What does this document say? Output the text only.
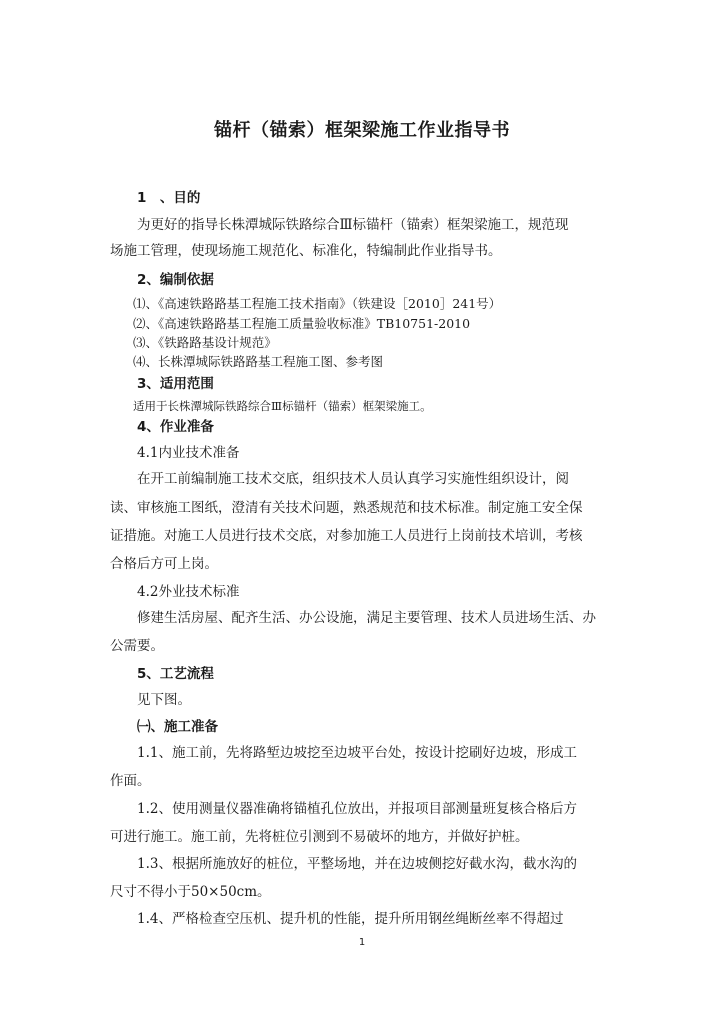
锚杆（锚索）框架梁施工作业指导书
1　、目的
为更好的指导长株潭城际铁路综合Ⅲ标锚杆（锚索）框架梁施工，规范现
场施工管理，使现场施工规范化、标准化，特编制此作业指导书。
2、编制依据
⑴、《高速铁路路基工程施工技术指南》（铁建设［2010］241号）
⑵、《高速铁路路基工程施工质量验收标准》TB10751-2010
⑶、《铁路路基设计规范》
⑷、长株潭城际铁路路基工程施工图、参考图
3、适用范围
适用于长株潭城际铁路综合Ⅲ标锚杆（锚索）框架梁施工。
4、作业准备
4.1内业技术准备
在开工前编制施工技术交底，组织技术人员认真学习实施性组织设计，阅
读、审核施工图纸，澄清有关技术问题，熟悉规范和技术标准。制定施工安全保
证措施。对施工人员进行技术交底，对参加施工人员进行上岗前技术培训，考核
合格后方可上岗。
4.2外业技术标准
修建生活房屋、配齐生活、办公设施，满足主要管理、技术人员进场生活、办
公需要。
5、工艺流程
见下图。
㈠、施工准备
1.1、施工前，先将路堑边坡挖至边坡平台处，按设计挖刷好边坡，形成工
作面。
1.2、使用测量仪器准确将锚植孔位放出，并报项目部测量班复核合格后方
可进行施工。施工前，先将桩位引测到不易破坏的地方，并做好护桩。
1.3、根据所施放好的桩位，平整场地，并在边坡侧挖好截水沟，截水沟的
尺寸不得小于50×50cm。
1.4、严格检查空压机、提升机的性能，提升所用钢丝绳断丝率不得超过
1
